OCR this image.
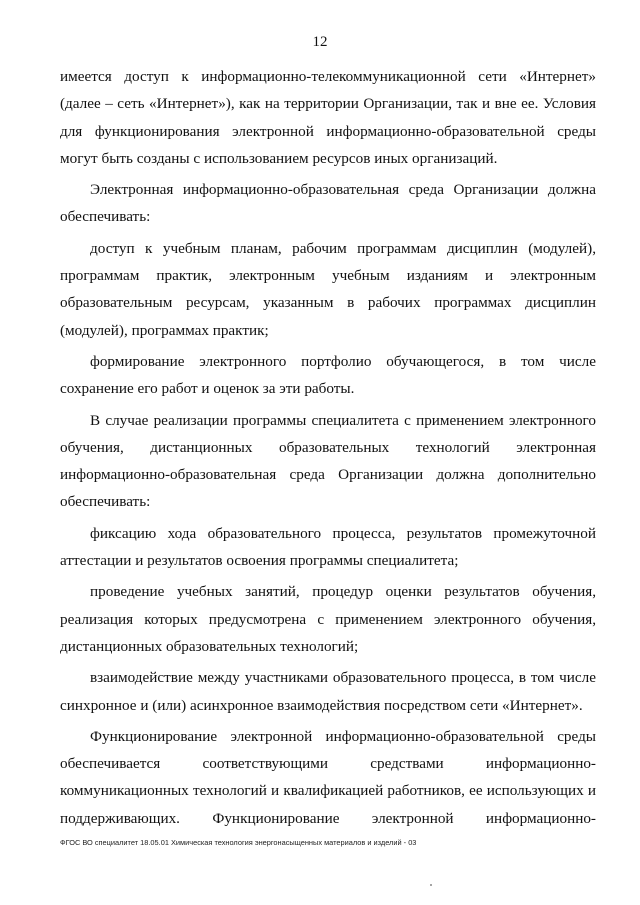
12

имеется доступ к информационно-телекоммуникационной сети «Интернет» (далее – сеть «Интернет»), как на территории Организации, так и вне ее. Условия для функционирования электронной информационно-образовательной среды могут быть созданы с использованием ресурсов иных организаций.

Электронная информационно-образовательная среда Организации должна обеспечивать:

доступ к учебным планам, рабочим программам дисциплин (модулей), программам практик, электронным учебным изданиям и электронным образовательным ресурсам, указанным в рабочих программах дисциплин (модулей), программах практик;

формирование электронного портфолио обучающегося, в том числе сохранение его работ и оценок за эти работы.

В случае реализации программы специалитета с применением электронного обучения, дистанционных образовательных технологий электронная информационно-образовательная среда Организации должна дополнительно обеспечивать:

фиксацию хода образовательного процесса, результатов промежуточной аттестации и результатов освоения программы специалитета;

проведение учебных занятий, процедур оценки результатов обучения, реализация которых предусмотрена с применением электронного обучения, дистанционных образовательных технологий;

взаимодействие между участниками образовательного процесса, в том числе синхронное и (или) асинхронное взаимодействия посредством сети «Интернет».

Функционирование электронной информационно-образовательной среды обеспечивается соответствующими средствами информационно-коммуникационных технологий и квалификацией работников, ее использующих и поддерживающих. Функционирование электронной информационно-

ФГОС ВО специалитет 18.05.01 Химическая технология энергонасыщенных материалов и изделий - 03
